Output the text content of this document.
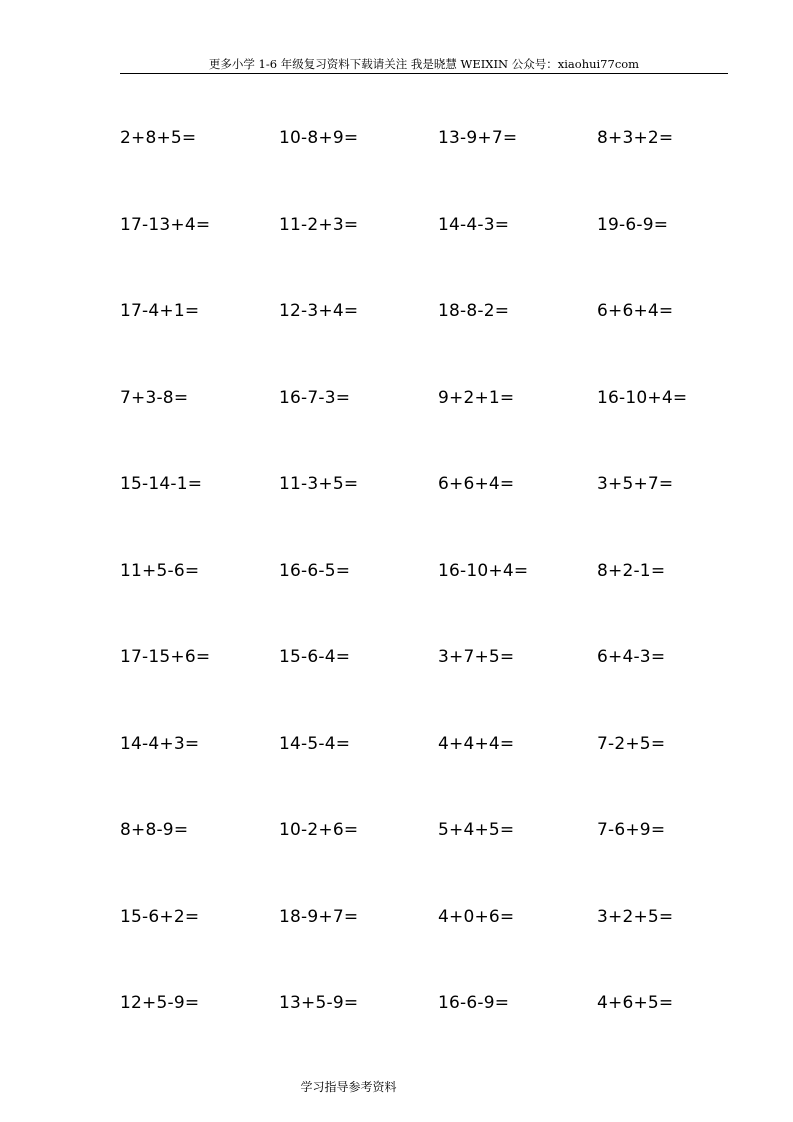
更多小学 1-6 年级复习资料下载请关注 我是晓慧 WEIXIN 公众号：xiaohui77com
2+8+5=	10-8+9=	13-9+7=	8+3+2=
17-13+4=	11-2+3=	14-4-3=	19-6-9=
17-4+1=	12-3+4=	18-8-2=	6+6+4=
7+3-8=	16-7-3=	9+2+1=	16-10+4=
15-14-1=	11-3+5=	6+6+4=	3+5+7=
11+5-6=	16-6-5=	16-10+4=	8+2-1=
17-15+6=	15-6-4=	3+7+5=	6+4-3=
14-4+3=	14-5-4=	4+4+4=	7-2+5=
8+8-9=	10-2+6=	5+4+5=	7-6+9=
15-6+2=	18-9+7=	4+0+6=	3+2+5=
12+5-9=	13+5-9=	16-6-9=	4+6+5=
学习指导参考资料
